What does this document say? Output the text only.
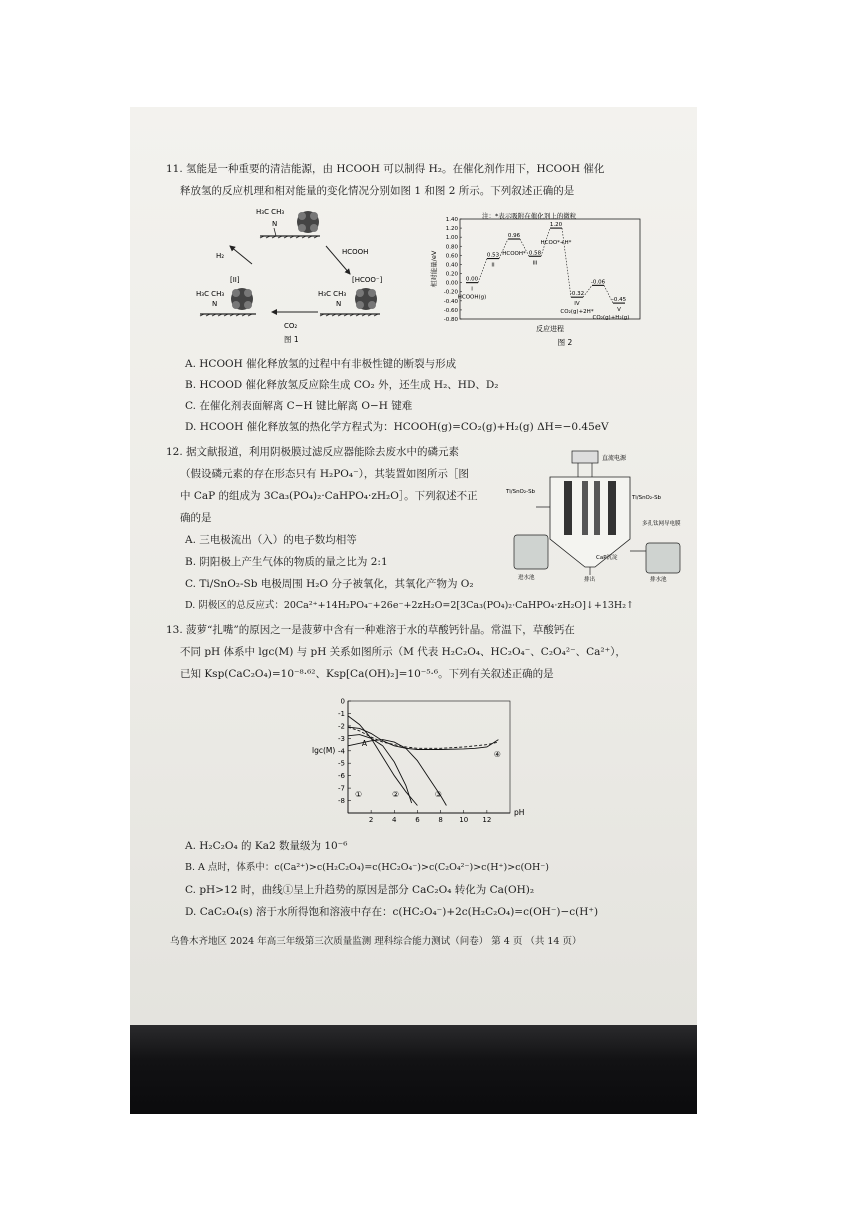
11. 氢能是一种重要的清洁能源，由 HCOOH 可以制得 H₂。在催化剂作用下，HCOOH 催化
释放氢的反应机理和相对能量的变化情况分别如图 1 和图 2 所示。下列叙述正确的是
H₃C CH₃
N
H₂	HCOOH
CO₂
[II]
H₃C CH₃
N
[HCOO⁻]
H₃C CH₃
N
图 1
注：*表示吸附在催化剂上的微粒
相对能量/eV
反应进程
图 2
1.40
1.20
1.00
0.80
0.60
0.40
0.20
0.00
-0.20
-0.40
-0.60
-0.80
0.00
I
HCOOH(g)
0.53
II
0.96
HCOOH* 0.58
III
1.20
HCOO*+H*
-0.32
IV
CO₂(g)+2H*
-0.06
-0.45
V
CO₂(g)+H₂(g)
A. HCOOH 催化释放氢的过程中有非极性键的断裂与形成
B. HCOOD 催化释放氢反应除生成 CO₂ 外，还生成 H₂、HD、D₂
C. 在催化剂表面解离 C−H 键比解离 O−H 键难
D. HCOOH 催化释放氢的热化学方程式为：HCOOH(g)=CO₂(g)+H₂(g) ΔH=−0.45eV
12. 据文献报道，利用阴极膜过滤反应器能除去废水中的磷元素
（假设磷元素的存在形态只有 H₂PO₄⁻），其装置如图所示［图
中 CaP 的组成为 3Ca₃(PO₄)₂·CaHPO₄·zH₂O］。下列叙述不正
确的是
直流电源
Ti/SnO₂-Sb
Ti/SnO₂-Sb
多孔钛网导电膜
进水池	排水池
CaP沉淀
排出
A. 三电极流出（入）的电子数均相等
B. 阴阳极上产生气体的物质的量之比为 2:1
C. Ti/SnO₂-Sb 电极周围 H₂O 分子被氧化，其氧化产物为 O₂
D. 阴极区的总反应式：20Ca²⁺+14H₂PO₄⁻+26e⁻+2zH₂O=2[3Ca₃(PO₄)₂·CaHPO₄·zH₂O]↓+13H₂↑
13. 菠萝“扎嘴”的原因之一是菠萝中含有一种难溶于水的草酸钙针晶。常温下，草酸钙在
不同 pH 体系中 lgc(M) 与 pH 关系如图所示（M 代表 H₂C₂O₄、HC₂O₄⁻、C₂O₄²⁻、Ca²⁺），
已知 Ksp(CaC₂O₄)=10⁻⁸·⁶²、Ksp[Ca(OH)₂]=10⁻⁵·⁶。下列有关叙述正确的是
0
-1
-2
-3
-4
-5
-6
-7
-8
2	4	6	8 10 12
pH
lgc(M)
A
①	②	③
④
A. H₂C₂O₄ 的 Ka2 数量级为 10⁻⁶
B. A 点时，体系中：c(Ca²⁺)>c(H₂C₂O₄)=c(HC₂O₄⁻)>c(C₂O₄²⁻)>c(H⁺)>c(OH⁻)
C. pH>12 时，曲线①呈上升趋势的原因是部分 CaC₂O₄ 转化为 Ca(OH)₂
D. CaC₂O₄(s) 溶于水所得饱和溶液中存在：c(HC₂O₄⁻)+2c(H₂C₂O₄)=c(OH⁻)−c(H⁺)
乌鲁木齐地区 2024 年高三年级第三次质量监测 理科综合能力测试（问卷） 第 4 页 （共 14 页）
